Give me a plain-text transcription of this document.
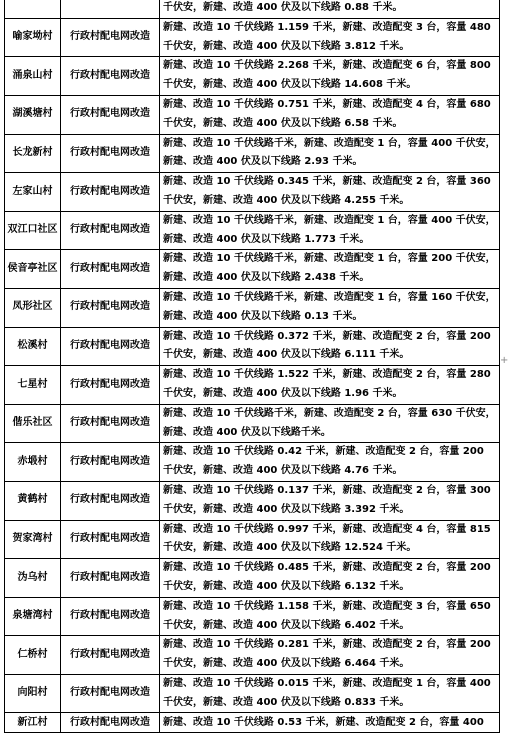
		千伏安，新建、改造 400 伏及以下线路 0.88 千米。
喻家坳村	行政村配电网改造	新建、改造 10 千伏线路 1.159 千米，新建、改造配变 3 台，容量 480 千伏安，新建、改造 400 伏及以下线路 3.812 千米。
涌泉山村	行政村配电网改造	新建、改造 10 千伏线路 2.268 千米，新建、改造配变 6 台，容量 800 千伏安，新建、改造 400 伏及以下线路 14.608 千米。
湖溪塘村	行政村配电网改造	新建、改造 10 千伏线路 0.751 千米，新建、改造配变 4 台，容量 680 千伏安，新建、改造 400 伏及以下线路 6.58 千米。
长龙新村	行政村配电网改造	新建、改造 10 千伏线路千米，新建、改造配变 1 台，容量 400 千伏安，新建、改造 400 伏及以下线路 2.93 千米。
左家山村	行政村配电网改造	新建、改造 10 千伏线路 0.345 千米，新建、改造配变 2 台，容量 360 千伏安，新建、改造 400 伏及以下线路 4.255 千米。
双江口社区	行政村配电网改造	新建、改造 10 千伏线路千米，新建、改造配变 1 台，容量 400 千伏安，新建、改造 400 伏及以下线路 1.773 千米。
侯音亭社区	行政村配电网改造	新建、改造 10 千伏线路千米，新建、改造配变 1 台，容量 200 千伏安，新建、改造 400 伏及以下线路 2.438 千米。
凤形社区	行政村配电网改造	新建、改造 10 千伏线路千米，新建、改造配变 1 台，容量 160 千伏安，新建、改造 400 伏及以下线路 0.13 千米。
松溪村	行政村配电网改造	新建、改造 10 千伏线路 0.372 千米，新建、改造配变 2 台，容量 200 千伏安，新建、改造 400 伏及以下线路 6.111 千米。
七星村	行政村配电网改造	新建、改造 10 千伏线路 1.522 千米，新建、改造配变 2 台，容量 280 千伏安，新建、改造 400 伏及以下线路 1.96 千米。
偕乐社区	行政村配电网改造	新建、改造 10 千伏线路千米，新建、改造配变 2 台，容量 630 千伏安，新建、改造 400 伏及以下线路千米。
赤塅村	行政村配电网改造	新建、改造 10 千伏线路 0.42 千米，新建、改造配变 2 台，容量 200 千伏安，新建、改造 400 伏及以下线路 4.76 千米。
黄鹤村	行政村配电网改造	新建、改造 10 千伏线路 0.137 千米，新建、改造配变 2 台，容量 300 千伏安，新建、改造 400 伏及以下线路 3.392 千米。
贺家湾村	行政村配电网改造	新建、改造 10 千伏线路 0.997 千米，新建、改造配变 4 台，容量 815 千伏安，新建、改造 400 伏及以下线路 12.524 千米。
沩乌村	行政村配电网改造	新建、改造 10 千伏线路 0.485 千米，新建、改造配变 2 台，容量 200 千伏安，新建、改造 400 伏及以下线路 6.132 千米。
泉塘湾村	行政村配电网改造	新建、改造 10 千伏线路 1.158 千米，新建、改造配变 3 台，容量 650 千伏安，新建、改造 400 伏及以下线路 6.402 千米。
仁桥村	行政村配电网改造	新建、改造 10 千伏线路 0.281 千米，新建、改造配变 2 台，容量 200 千伏安，新建、改造 400 伏及以下线路 6.464 千米。
向阳村	行政村配电网改造	新建、改造 10 千伏线路 0.015 千米，新建、改造配变 1 台，容量 400 千伏安，新建、改造 400 伏及以下线路 0.833 千米。
新江村	行政村配电网改造	新建、改造 10 千伏线路 0.53 千米，新建、改造配变 2 台，容量 400
+
